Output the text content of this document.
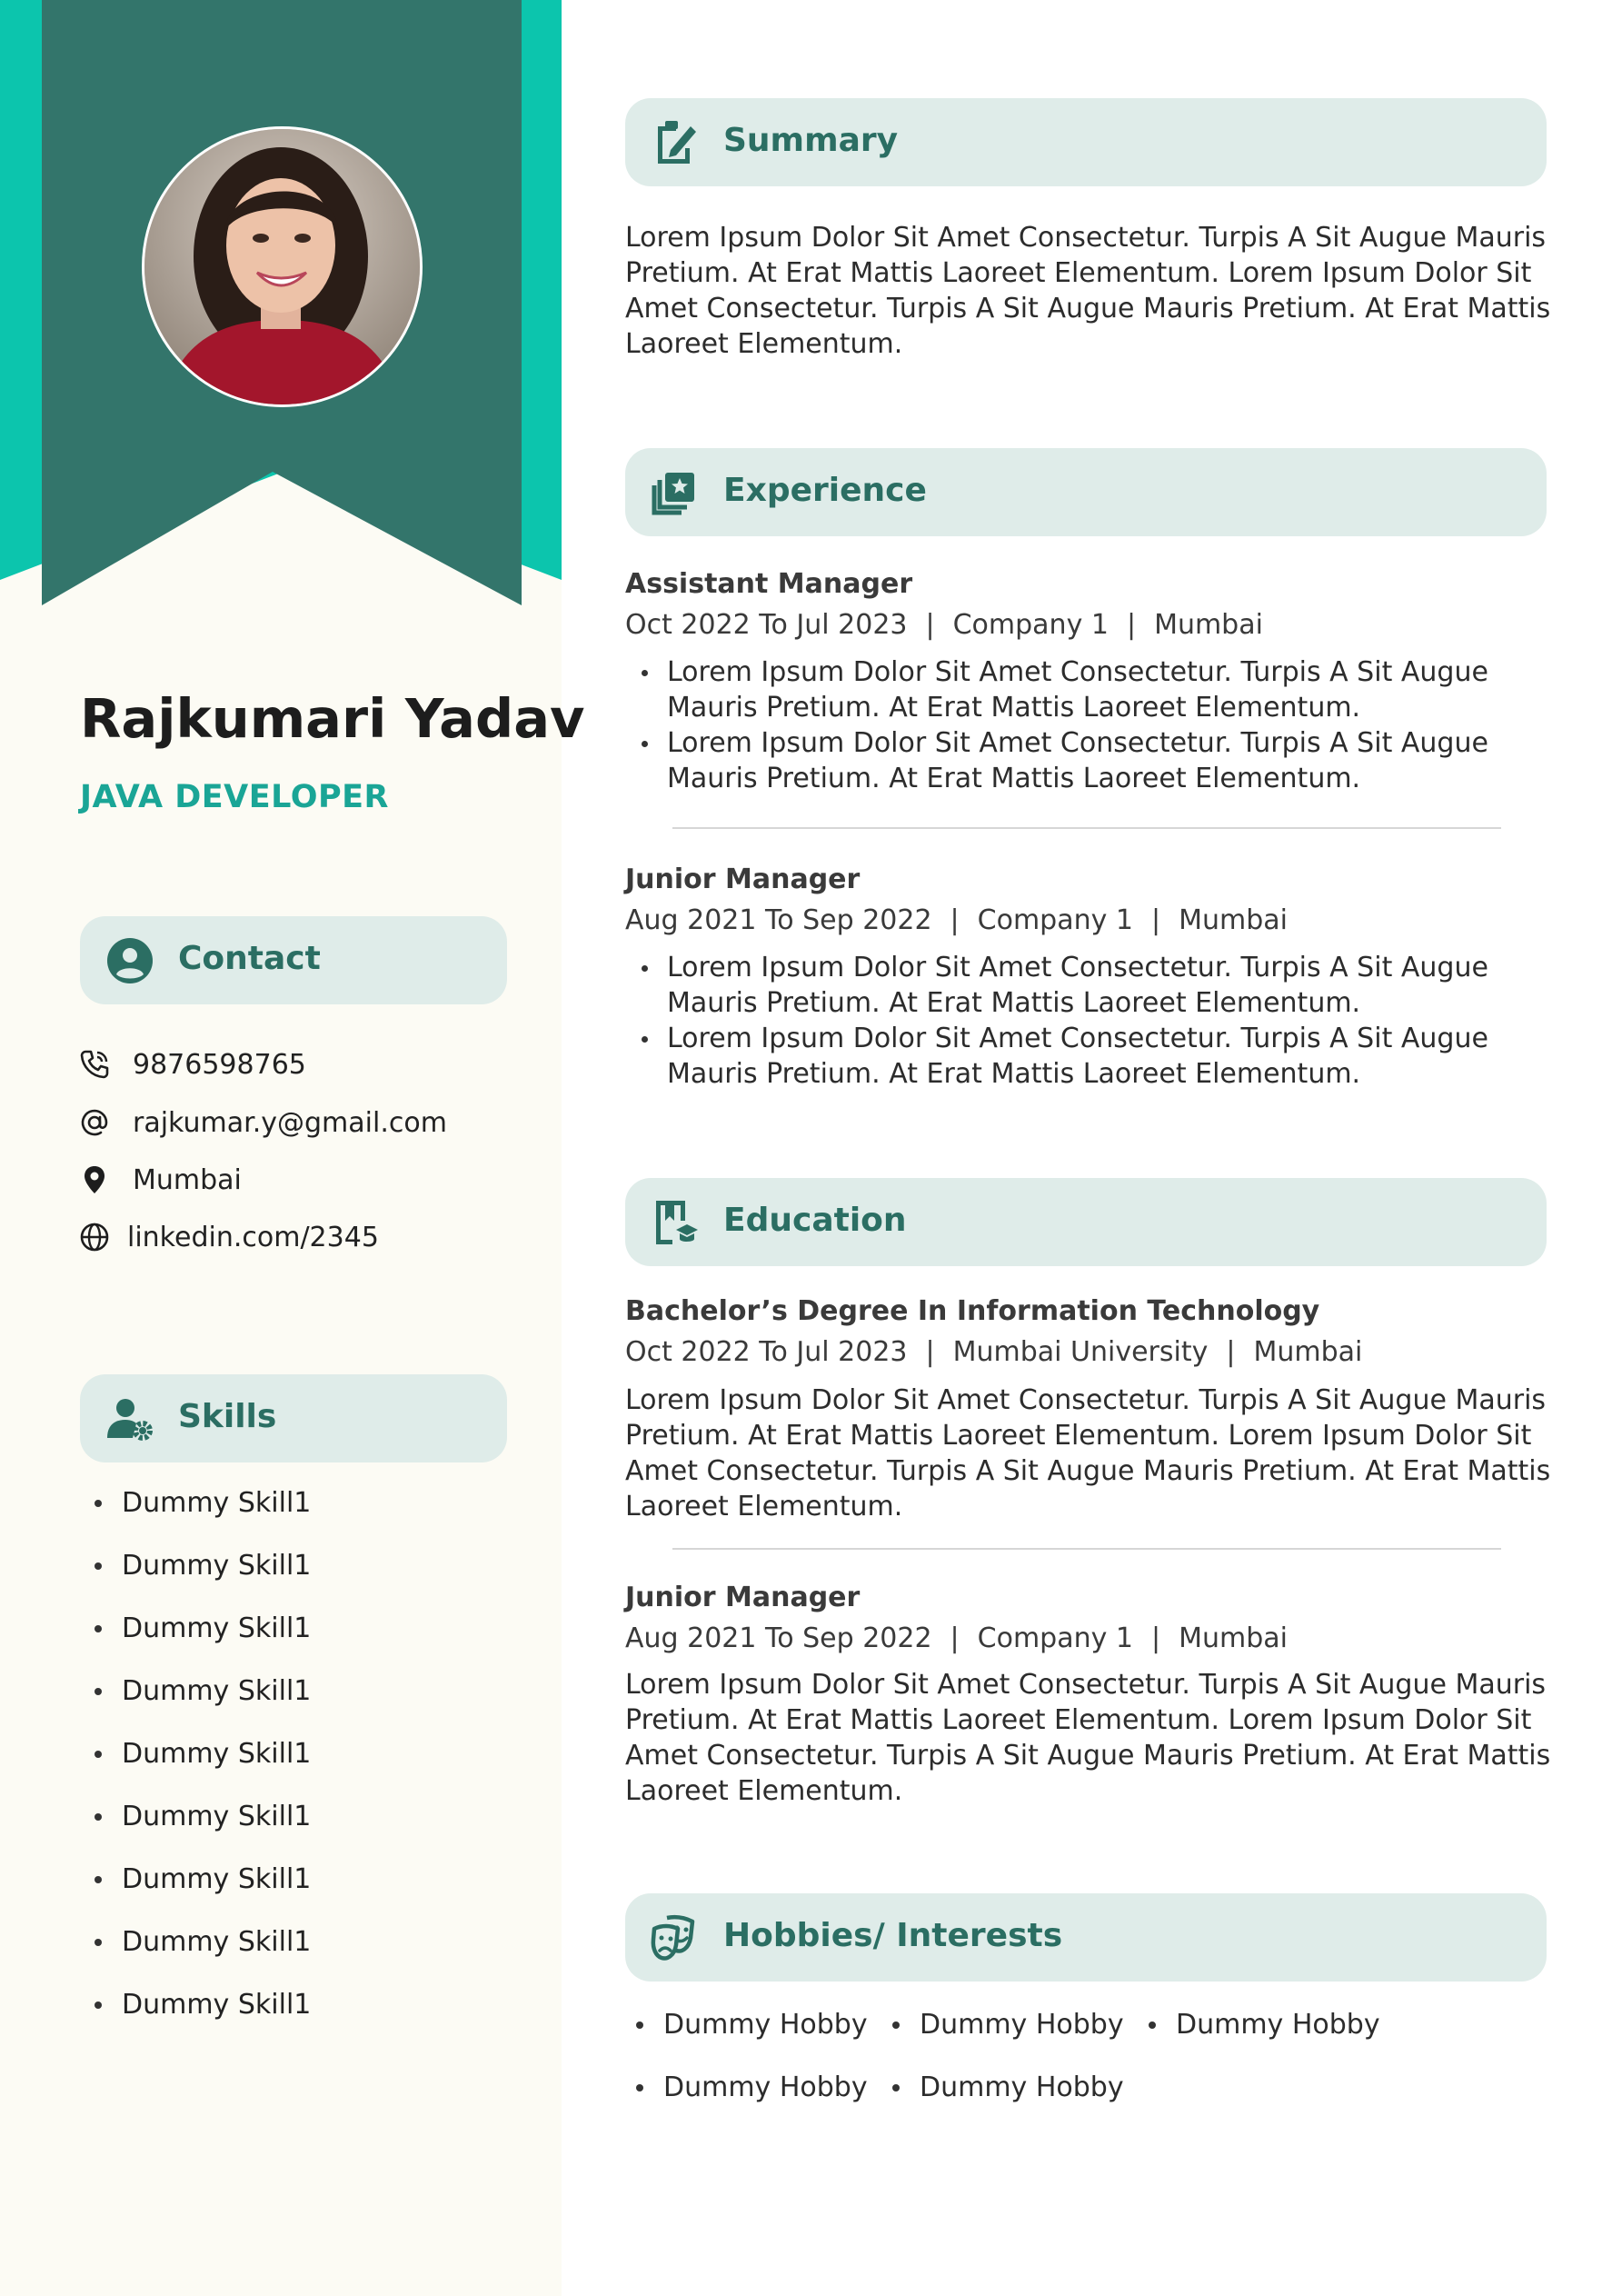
Rajkumari Yadav
JAVA DEVELOPER
Contact
9876598765
rajkumar.y@gmail.com
Mumbai
linkedin.com/2345
Skills
Dummy Skill1
Dummy Skill1
Dummy Skill1
Dummy Skill1
Dummy Skill1
Dummy Skill1
Dummy Skill1
Dummy Skill1
Dummy Skill1
Summary
Lorem Ipsum Dolor Sit Amet Consectetur. Turpis A Sit Augue Mauris Pretium. At Erat Mattis Laoreet Elementum. Lorem Ipsum Dolor Sit Amet Consectetur. Turpis A Sit Augue Mauris Pretium. At Erat Mattis Laoreet Elementum.
Experience
Assistant Manager
Oct 2022 To Jul 2023 | Company 1 | Mumbai
Lorem Ipsum Dolor Sit Amet Consectetur. Turpis A Sit Augue Mauris Pretium. At Erat Mattis Laoreet Elementum.
Lorem Ipsum Dolor Sit Amet Consectetur. Turpis A Sit Augue Mauris Pretium. At Erat Mattis Laoreet Elementum.
Junior Manager
Aug 2021 To Sep 2022 | Company 1 | Mumbai
Lorem Ipsum Dolor Sit Amet Consectetur. Turpis A Sit Augue Mauris Pretium. At Erat Mattis Laoreet Elementum.
Lorem Ipsum Dolor Sit Amet Consectetur. Turpis A Sit Augue Mauris Pretium. At Erat Mattis Laoreet Elementum.
Education
Bachelor’s Degree In Information Technology
Oct 2022 To Jul 2023 | Mumbai University | Mumbai
Lorem Ipsum Dolor Sit Amet Consectetur. Turpis A Sit Augue Mauris Pretium. At Erat Mattis Laoreet Elementum. Lorem Ipsum Dolor Sit Amet Consectetur. Turpis A Sit Augue Mauris Pretium. At Erat Mattis Laoreet Elementum.
Junior Manager
Aug 2021 To Sep 2022 | Company 1 | Mumbai
Lorem Ipsum Dolor Sit Amet Consectetur. Turpis A Sit Augue Mauris Pretium. At Erat Mattis Laoreet Elementum. Lorem Ipsum Dolor Sit Amet Consectetur. Turpis A Sit Augue Mauris Pretium. At Erat Mattis Laoreet Elementum.
Hobbies/ Interests
Dummy Hobby Dummy Hobby Dummy Hobby
Dummy Hobby Dummy Hobby
